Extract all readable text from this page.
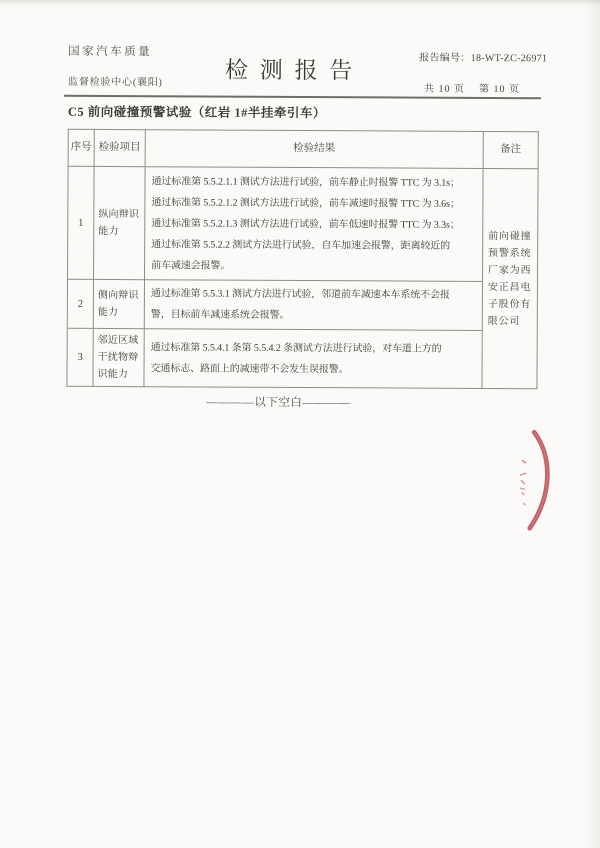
国家汽车质量
监督检验中心(襄阳)	检 测 报 告	报告编号：18-WT-ZC-26971
共 10 页    第 10 页
C5 前向碰撞预警试验（红岩 1#半挂牵引车）
序号	检验项目	检验结果	备注
1	纵向辩识能力	通过标准第 5.5.2.1.1 测试方法进行试验，前车静止时报警 TTC 为 3.1s；
通过标准第 5.5.2.1.2 测试方法进行试验，前车减速时报警 TTC 为 3.6s；
通过标准第 5.5.2.1.3 测试方法进行试验，前车低速时报警 TTC 为 3.3s；
通过标准第 5.5.2.2 测试方法进行试验，自车加速会报警，距离较近的
前车减速会报警。	前向碰撞预警系统厂家为西安正昌电子股份有限公司
2	侧向辩识能力	通过标准第 5.5.3.1 测试方法进行试验，邻道前车减速本车系统不会报
警，目标前车减速系统会报警。	
3	邻近区域干扰物辩识能力	通过标准第 5.5.4.1 条第 5.5.4.2 条测试方法进行试验，对车道上方的
交通标志、路面上的减速带不会发生误报警。	
————以下空白————
